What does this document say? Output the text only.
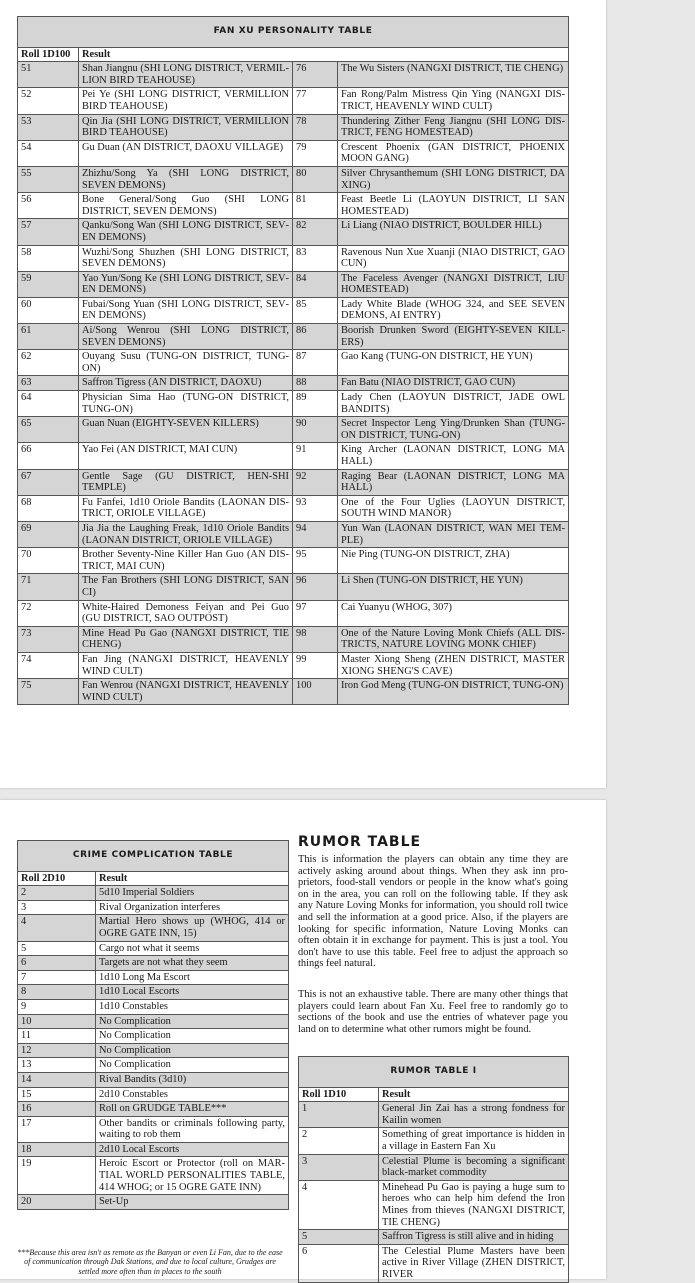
FAN XU PERSONALITY TABLE			
Roll 1D100	Result		
51	Shan Jiangnu (SHI LONG DISTRICT, VERMILLION BIRD TEAHOUSE)	76	The Wu Sisters (NANGXI DISTRICT, TIE CHENG)
52	Pei Ye (SHI LONG DISTRICT, VERMILLION BIRD TEAHOUSE)	77	Fan Rong/Palm Mistress Qin Ying (NANGXI DISTRICT, HEAVENLY WIND CULT)
53	Qin Jia (SHI LONG DISTRICT, VERMILLION BIRD TEAHOUSE)	78	Thundering Zither Feng Jiangnu (SHI LONG DISTRICT, FENG HOMESTEAD)
54	Gu Duan (AN DISTRICT, DAOXU VILLAGE)	79	Crescent Phoenix (GAN DISTRICT, PHOENIX MOON GANG)
55	Zhizhu/Song Ya (SHI LONG DISTRICT, SEVEN DEMONS)	80	Silver Chrysanthemum (SHI LONG DISTRICT, DA XING)
56	Bone General/Song Guo (SHI LONG DISTRICT, SEVEN DEMONS)	81	Feast Beetle Li (LAOYUN DISTRICT, LI SAN HOMESTEAD)
57	Qanku/Song Wan (SHI LONG DISTRICT, SEVEN DEMONS)	82	Li Liang (NIAO DISTRICT, BOULDER HILL)
58	Wuzhi/Song Shuzhen (SHI LONG DISTRICT, SEVEN DEMONS)	83	Ravenous Nun Xue Xuanji (NIAO DISTRICT, GAO CUN)
59	Yao Yun/Song Ke (SHI LONG DISTRICT, SEVEN DEMONS)	84	The Faceless Avenger (NANGXI DISTRICT, LIU HOMESTEAD)
60	Fubai/Song Yuan (SHI LONG DISTRICT, SEVEN DEMONS)	85	Lady White Blade (WHOG 324, and SEE SEVEN DEMONS, AI ENTRY)
61	Ai/Song Wenrou (SHI LONG DISTRICT, SEVEN DEMONS)	86	Boorish Drunken Sword (EIGHTY-SEVEN KILLERS)
62	Ouyang Susu (TUNG-ON DISTRICT, TUNG-ON)	87	Gao Kang (TUNG-ON DISTRICT, HE YUN)
63	Saffron Tigress (AN DISTRICT, DAOXU)	88	Fan Batu (NIAO DISTRICT, GAO CUN)
64	Physician Sima Hao (TUNG-ON DISTRICT, TUNG-ON)	89	Lady Chen (LAOYUN DISTRICT, JADE OWL BANDITS)
65	Guan Nuan (EIGHTY-SEVEN KILLERS)	90	Secret Inspector Leng Ying/Drunken Shan (TUNG-ON DISTRICT, TUNG-ON)
66	Yao Fei (AN DISTRICT, MAI CUN)	91	King Archer (LAONAN DISTRICT, LONG MA HALL)
67	Gentle Sage (GU DISTRICT, HEN-SHI TEMPLE)	92	Raging Bear (LAONAN DISTRICT, LONG MA HALL)
68	Fu Fanfei, 1d10 Oriole Bandits (LAONAN DISTRICT, ORIOLE VILLAGE)	93	One of the Four Uglies (LAOYUN DISTRICT, SOUTH WIND MANOR)
69	Jia Jia the Laughing Freak, 1d10 Oriole Bandits (LAONAN DISTRICT, ORIOLE VILLAGE)	94	Yun Wan (LAONAN DISTRICT, WAN MEI TEMPLE)
70	Brother Seventy-Nine Killer Han Guo (AN DISTRICT, MAI CUN)	95	Nie Ping (TUNG-ON DISTRICT, ZHA)
71	The Fan Brothers (SHI LONG DISTRICT, SAN CI)	96	Li Shen (TUNG-ON DISTRICT, HE YUN)
72	White-Haired Demoness Feiyan and Pei Guo (GU DISTRICT, SAO OUTPOST)	97	Cai Yuanyu (WHOG, 307)
73	Mine Head Pu Gao (NANGXI DISTRICT, TIE CHENG)	98	One of the Nature Loving Monk Chiefs (ALL DISTRICTS, NATURE LOVING MONK CHIEF)
74	Fan Jing (NANGXI DISTRICT, HEAVENLY WIND CULT)	99	Master Xiong Sheng (ZHEN DISTRICT, MASTER XIONG SHENG'S CAVE)
75	Fan Wenrou (NANGXI DISTRICT, HEAVENLY WIND CULT)	100	Iron God Meng (TUNG-ON DISTRICT, TUNG-ON)
CRIME COMPLICATION TABLE	
Roll 2D10	Result
2	5d10 Imperial Soldiers
3	Rival Organization interferes
4	Martial Hero shows up (WHOG, 414 or OGRE GATE INN, 15)
5	Cargo not what it seems
6	Targets are not what they seem
7	1d10 Long Ma Escort
8	1d10 Local Escorts
9	1d10 Constables
10	No Complication
11	No Complication
12	No Complication
13	No Complication
14	Rival Bandits (3d10)
15	2d10 Constables
16	Roll on GRUDGE TABLE***
17	Other bandits or criminals following party, waiting to rob them
18	2d10 Local Escorts
19	Heroic Escort or Protector (roll on MARTIAL WORLD PERSONALITIES TABLE, 414 WHOG; or 15 OGRE GATE INN)
20	Set-Up

***Because this area isn't as remote as the Banyan or even Li Fan, due to the ease of communication through Dak Stations, and due to local culture, Grudges are settled more often than in places to the south

RUMOR TABLE

This is information the players can obtain any time they are actively asking around about things. When they ask inn proprietors, food-stall vendors or people in the know what's going on in the area, you can roll on the following table. If they ask any Nature Loving Monks for information, you should roll twice and sell the information at a good price. Also, if the players are looking for specific information, Nature Loving Monks can often obtain it in exchange for payment. This is just a tool. You don't have to use this table. Feel free to adjust the approach so things feel natural.

This is not an exhaustive table. There are many other things that players could learn about Fan Xu. Feel free to randomly go to sections of the book and use the entries of whatever page you land on to determine what other rumors might be found.

RUMOR TABLE I	
Roll 1D10	Result
1	General Jin Zai has a strong fondness for Kailin women
2	Something of great importance is hidden in a village in Eastern Fan Xu
3	Celestial Plume is becoming a significant black-market commodity
4	Minehead Pu Gao is paying a huge sum to heroes who can help him defend the Iron Mines from thieves (NANGXI DISTRICT, TIE CHENG)
5	Saffron Tigress is still alive and in hiding
6	The Celestial Plume Masters have been active in River Village (ZHEN DISTRICT, RIVER
